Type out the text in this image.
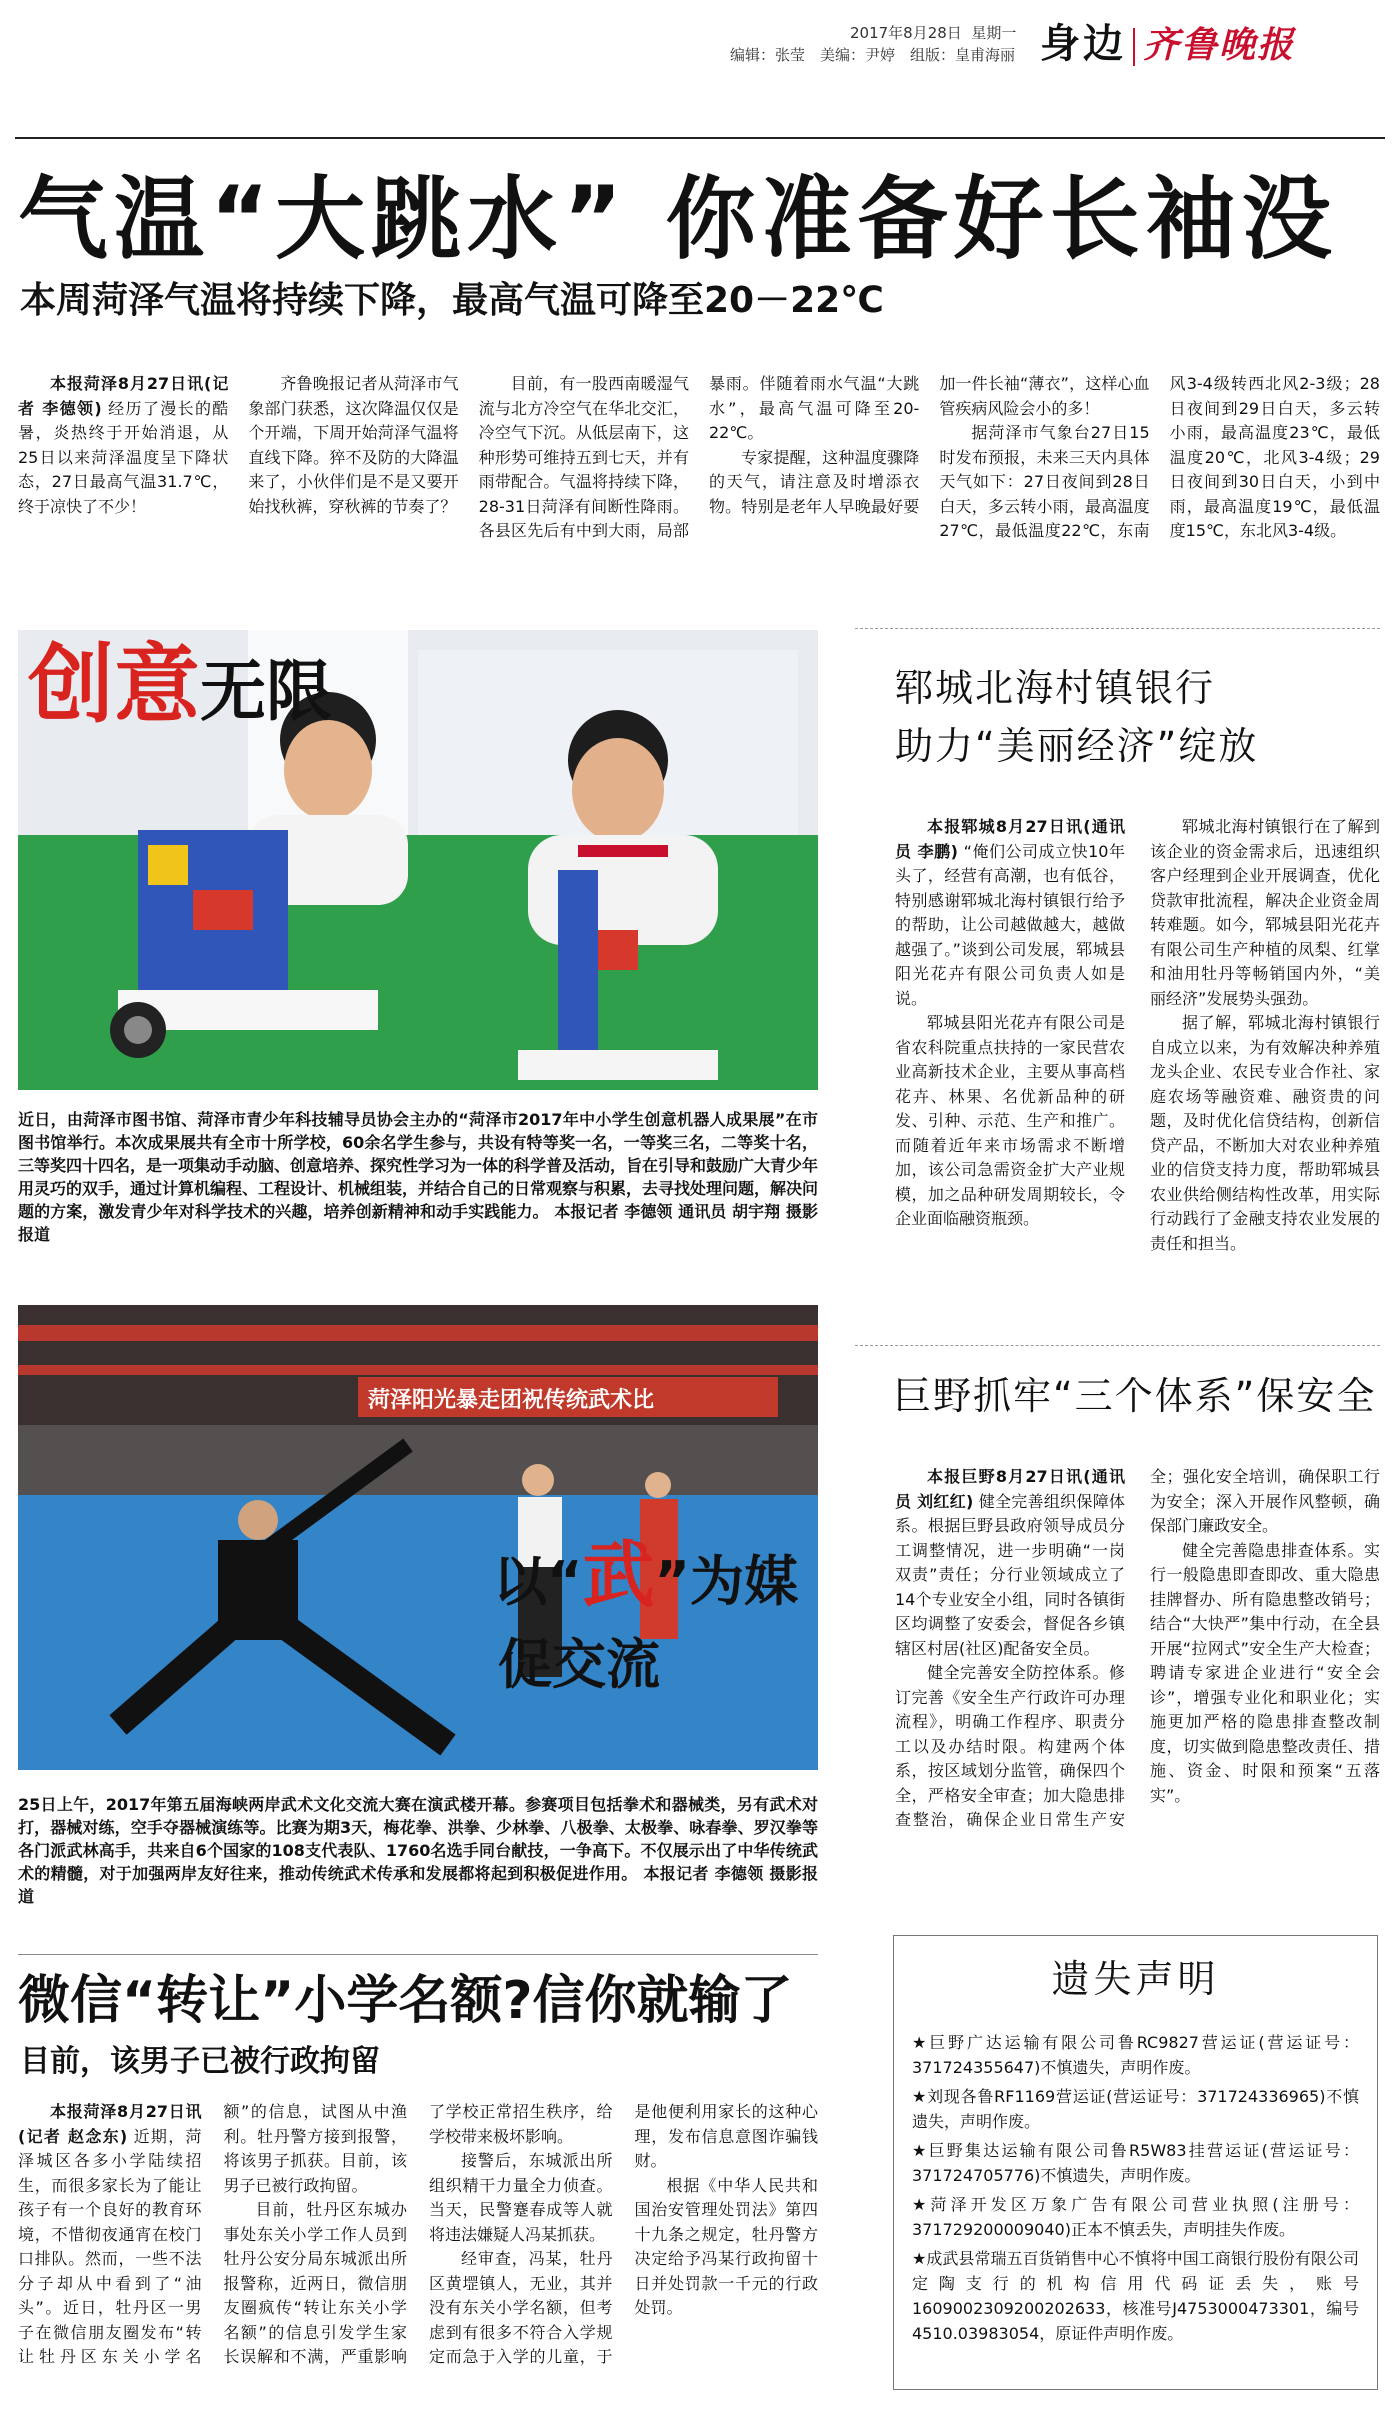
2017年8月28日 星期一
编辑：张莹　美编：尹婷　组版：皇甫海丽 身边 齐鲁晚报
气温“大跳水” 你准备好长袖没
本周菏泽气温将持续下降，最高气温可降至20－22℃

本报菏泽8月27日讯(记者 李德领) 经历了漫长的酷暑，炎热终于开始消退，从25日以来菏泽温度呈下降状态，27日最高气温31.7℃，终于凉快了不少！

齐鲁晚报记者从菏泽市气象部门获悉，这次降温仅仅是个开端，下周开始菏泽气温将直线下降。猝不及防的大降温来了，小伙伴们是不是又要开始找秋裤，穿秋裤的节奏了？

目前，有一股西南暖湿气流与北方冷空气在华北交汇，冷空气下沉。从低层南下，这种形势可维持五到七天，并有雨带配合。气温将持续下降，28-31日菏泽有间断性降雨。各县区先后有中到大雨，局部暴雨。伴随着雨水气温“大跳水”，最高气温可降至20-22℃。

专家提醒，这种温度骤降的天气，请注意及时增添衣物。特别是老年人早晚最好要加一件长袖“薄衣”，这样心血管疾病风险会小的多！

据菏泽市气象台27日15时发布预报，未来三天内具体天气如下：27日夜间到28日白天，多云转小雨，最高温度27℃，最低温度22℃，东南风3-4级转西北风2-3级；28日夜间到29日白天，多云转小雨，最高温度23℃，最低温度20℃，北风3-4级；29日夜间到30日白天，小到中雨，最高温度19℃，最低温度15℃，东北风3-4级。

创意无限
近日，由菏泽市图书馆、菏泽市青少年科技辅导员协会主办的“菏泽市2017年中小学生创意机器人成果展”在市图书馆举行。本次成果展共有全市十所学校，60余名学生参与，共设有特等奖一名，一等奖三名，二等奖十名，三等奖四十四名，是一项集动手动脑、创意培养、探究性学习为一体的科学普及活动，旨在引导和鼓励广大青少年用灵巧的双手，通过计算机编程、工程设计、机械组装，并结合自己的日常观察与积累，去寻找处理问题，解决问题的方案，激发青少年对科学技术的兴趣，培养创新精神和动手实践能力。 本报记者 李德领 通讯员 胡宇翔 摄影报道
菏泽阳光暴走团祝传统武术比
以“武”为媒
促交流
25日上午，2017年第五届海峡两岸武术文化交流大赛在演武楼开幕。参赛项目包括拳术和器械类，另有武术对打，器械对练，空手夺器械演练等。比赛为期3天，梅花拳、洪拳、少林拳、八极拳、太极拳、咏春拳、罗汉拳等各门派武林高手，共来自6个国家的108支代表队、1760名选手同台献技，一争高下。不仅展示出了中华传统武术的精髓，对于加强两岸友好往来，推动传统武术传承和发展都将起到积极促进作用。 本报记者 李德领 摄影报道
微信“转让”小学名额?信你就输了
目前，该男子已被行政拘留

本报菏泽8月27日讯(记者 赵念东) 近期，菏泽城区各多小学陆续招生，而很多家长为了能让孩子有一个良好的教育环境，不惜彻夜通宵在校门口排队。然而，一些不法分子却从中看到了“油头”。近日，牡丹区一男子在微信朋友圈发布“转让牡丹区东关小学名额”的信息，试图从中渔利。牡丹警方接到报警，将该男子抓获。目前，该男子已被行政拘留。

目前，牡丹区东城办事处东关小学工作人员到牡丹公安分局东城派出所报警称，近两日，微信朋友圈疯传“转让东关小学名额”的信息引发学生家长误解和不满，严重影响了学校正常招生秩序，给学校带来极坏影响。

接警后，东城派出所组织精干力量全力侦查。当天，民警蹇春成等人就将违法嫌疑人冯某抓获。

经审查，冯某，牡丹区黄堽镇人，无业，其并没有东关小学名额，但考虑到有很多不符合入学规定而急于入学的儿童，于是他便利用家长的这种心理，发布信息意图诈骗钱财。

根据《中华人民共和国治安管理处罚法》第四十九条之规定，牡丹警方决定给予冯某行政拘留十日并处罚款一千元的行政处罚。

郓城北海村镇银行
助力“美丽经济”绽放

本报郓城8月27日讯(通讯员 李鹏) “俺们公司成立快10年头了，经营有高潮，也有低谷，特别感谢郓城北海村镇银行给予的帮助，让公司越做越大，越做越强了。”谈到公司发展，郓城县阳光花卉有限公司负责人如是说。

郓城县阳光花卉有限公司是省农科院重点扶持的一家民营农业高新技术企业，主要从事高档花卉、林果、名优新品种的研发、引种、示范、生产和推广。而随着近年来市场需求不断增加，该公司急需资金扩大产业规模，加之品种研发周期较长，令企业面临融资瓶颈。

郓城北海村镇银行在了解到该企业的资金需求后，迅速组织客户经理到企业开展调查，优化贷款审批流程，解决企业资金周转难题。如今，郓城县阳光花卉有限公司生产种植的凤梨、红掌和油用牡丹等畅销国内外，“美丽经济”发展势头强劲。

据了解，郓城北海村镇银行自成立以来，为有效解决种养殖龙头企业、农民专业合作社、家庭农场等融资难、融资贵的问题，及时优化信贷结构，创新信贷产品，不断加大对农业种养殖业的信贷支持力度，帮助郓城县农业供给侧结构性改革，用实际行动践行了金融支持农业发展的责任和担当。

巨野抓牢“三个体系”保安全

本报巨野8月27日讯(通讯员 刘红红) 健全完善组织保障体系。根据巨野县政府领导成员分工调整情况，进一步明确“一岗双责”责任；分行业领域成立了14个专业安全小组，同时各镇街区均调整了安委会，督促各乡镇辖区村居(社区)配备安全员。

健全完善安全防控体系。修订完善《安全生产行政许可办理流程》，明确工作程序、职责分工以及办结时限。构建两个体系，按区域划分监管，确保四个全，严格安全审查；加大隐患排查整治，确保企业日常生产安全；强化安全培训，确保职工行为安全；深入开展作风整顿，确保部门廉政安全。

健全完善隐患排查体系。实行一般隐患即查即改、重大隐患挂牌督办、所有隐患整改销号；结合“大快严”集中行动，在全县开展“拉网式”安全生产大检查；聘请专家进企业进行“安全会诊”，增强专业化和职业化；实施更加严格的隐患排查整改制度，切实做到隐患整改责任、措施、资金、时限和预案“五落实”。

遗失声明

★巨野广达运输有限公司鲁RC9827营运证(营运证号：371724355647)不慎遗失，声明作废。

★刘现各鲁RF1169营运证(营运证号：371724336965)不慎遗失，声明作废。

★巨野集达运输有限公司鲁R5W83挂营运证(营运证号：371724705776)不慎遗失，声明作废。

★菏泽开发区万象广告有限公司营业执照(注册号：371729200009040)正本不慎丢失，声明挂失作废。

★成武县常瑞五百货销售中心不慎将中国工商银行股份有限公司定陶支行的机构信用代码证丢失，账号1609002309200202633，核准号J4753000473301，编号4510.03983054，原证件声明作废。
